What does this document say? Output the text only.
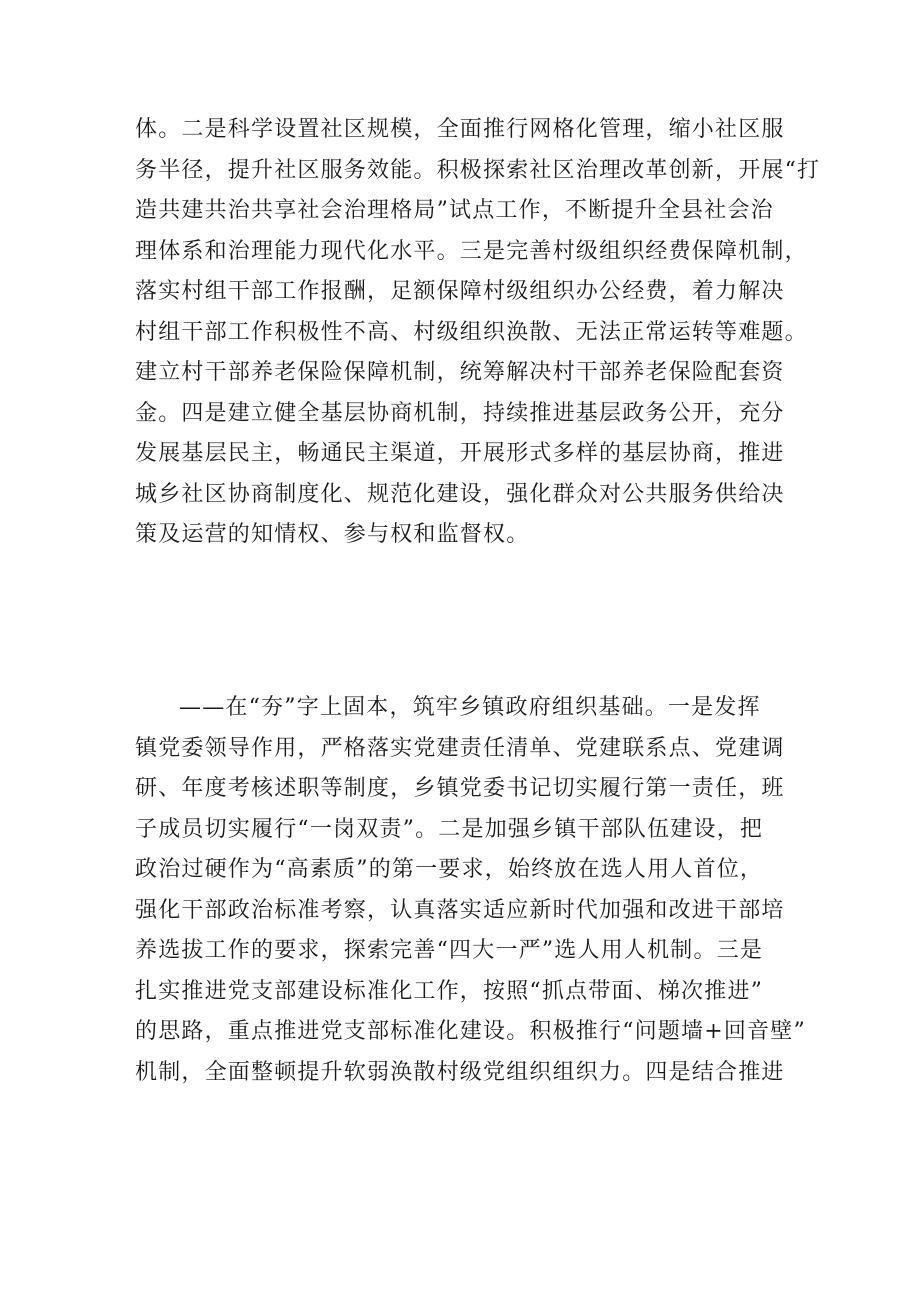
体。二是科学设置社区规模，全面推行网格化管理，缩小社区服
务半径，提升社区服务效能。积极探索社区治理改革创新，开展“打
造共建共治共享社会治理格局”试点工作，不断提升全县社会治
理体系和治理能力现代化水平。三是完善村级组织经费保障机制，
落实村组干部工作报酬，足额保障村级组织办公经费，着力解决
村组干部工作积极性不高、村级组织涣散、无法正常运转等难题。
建立村干部养老保险保障机制，统筹解决村干部养老保险配套资
金。四是建立健全基层协商机制，持续推进基层政务公开，充分
发展基层民主，畅通民主渠道，开展形式多样的基层协商，推进
城乡社区协商制度化、规范化建设，强化群众对公共服务供给决
策及运营的知情权、参与权和监督权。
——在“夯”字上固本，筑牢乡镇政府组织基础。一是发挥
镇党委领导作用，严格落实党建责任清单、党建联系点、党建调
研、年度考核述职等制度，乡镇党委书记切实履行第一责任，班
子成员切实履行“一岗双责”。二是加强乡镇干部队伍建设，把
政治过硬作为“高素质”的第一要求，始终放在选人用人首位，
强化干部政治标准考察，认真落实适应新时代加强和改进干部培
养选拔工作的要求，探索完善“四大一严”选人用人机制。三是
扎实推进党支部建设标准化工作，按照“抓点带面、梯次推进”
的思路，重点推进党支部标准化建设。积极推行“问题墙+回音壁”
机制，全面整顿提升软弱涣散村级党组织组织力。四是结合推进
